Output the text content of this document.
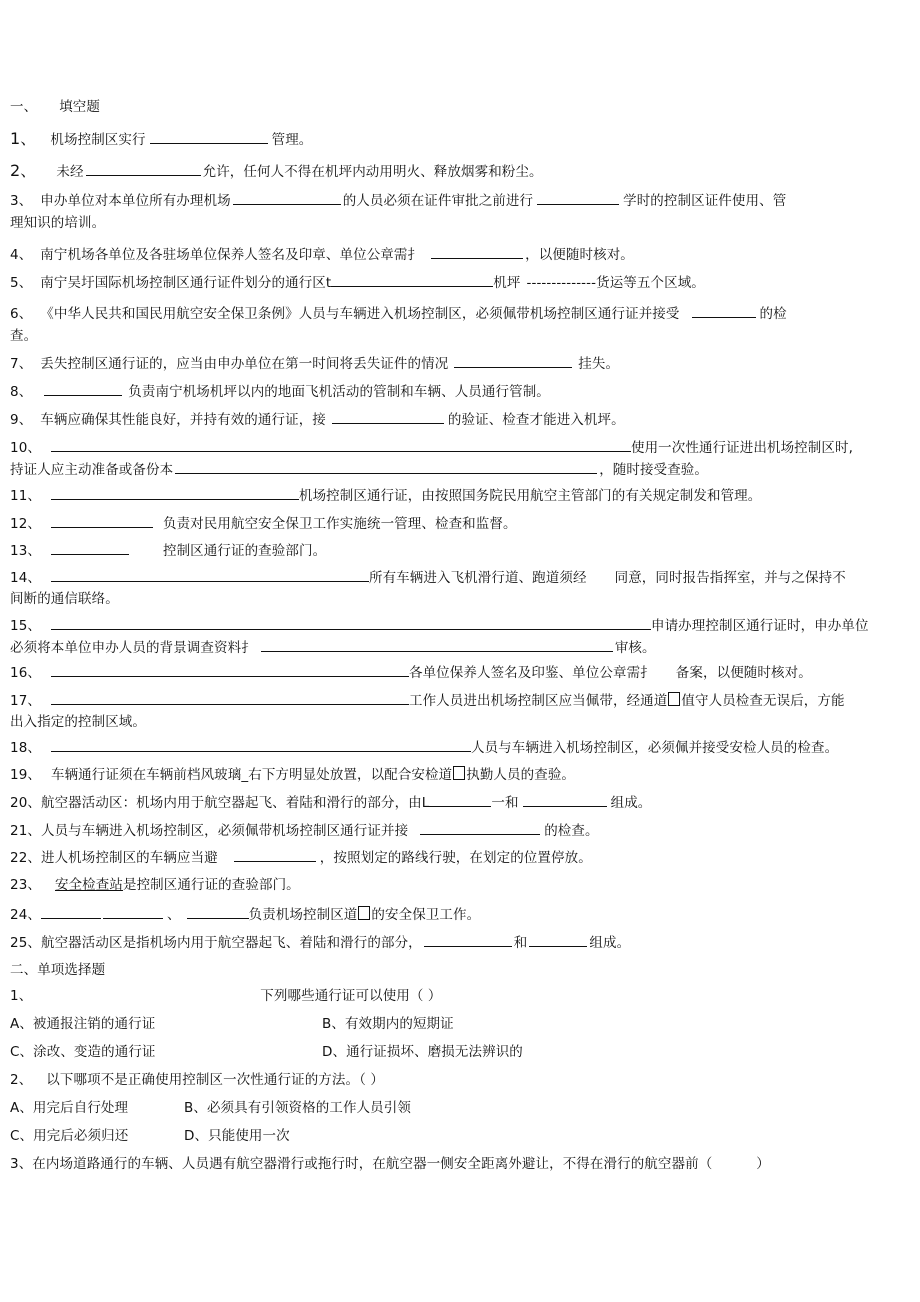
一、 填空题
1、 机场控制区实行	管理。
2、 未经	允许，任何人不得在机坪内动用明火、释放烟雾和粉尘。
3、 申办单位对本单位所有办理机场	的人员必须在证件审批之前进行	学时的控制区证件使用、管
理知识的培训。
4、 南宁机场各单位及各驻场单位保养人签名及印章、单位公章需扌	，以便随时核对。
5、 南宁吴圩国际机场控制区通行证件划分的通行区t	机坪 --------------货运等五个区域。
6、 《中华人民共和国民用航空安全保卫条例》人员与车辆进入机场控制区，必须佩带机场控制区通行证并接受	的检
查。
7、 丢失控制区通行证的，应当由申办单位在第一时间将丢失证件的情况	挂失。
8、	负责南宁机场机坪以内的地面飞机活动的管制和车辆、人员通行管制。
9、 车辆应确保其性能良好，并持有效的通行证，接	的验证、检查才能进入机坪。
10、	使用一次性通行证进出机场控制区时,
持证人应主动准备或备份本	，随时接受查验。
11、	机场控制区通行证，由按照国务院民用航空主管部门的有关规定制发和管理。
12、	负责对民用航空安全保卫工作实施统一管理、检查和监督。
13、	控制区通行证的查验部门。
14、	所有车辆进入飞机滑行道、跑道须经 同意，同时报告指挥室，并与之保持不
间断的通信联络。
15、	申请办理控制区通行证时，申办单位
必须将本单位申办人员的背景调查资料扌	审核。
16、	各单位保养人签名及印鉴、单位公章需扌 备案，以便随时核对。
17、	工作人员进出机场控制区应当佩带，经通道 值守人员检查无误后，方能
出入指定的控制区域。
18、	人员与车辆进入机场控制区，必须佩并接受安检人员的检查。
19、 车辆通行证须在车辆前档风玻璃_右下方明显处放置，以配合安检道 执勤人员的查验。
20、航空器活动区：机场内用于航空器起飞、着陆和滑行的部分，由L	一和	组成。
21、人员与车辆进入机场控制区，必须佩带机场控制区通行证并接	的检查。
22、进人机场控制区的车辆应当避	，按照划定的路线行驶，在划定的位置停放。
23、 安全检查站是控制区通行证的查验部门。
24、	、	负责机场控制区道 的安全保卫工作。
25、航空器活动区是指机场内用于航空器起飞、着陆和滑行的部分，	和	组成。
二、单项选择题
1、	下列哪些通行证可以使用（ ）
A、被通报注销的通行证	B、有效期内的短期证
C、涂改、变造的通行证	D、通行证损坏、磨损无法辨识的
2、 以下哪项不是正确使用控制区一次性通行证的方法。（ ）
A、用完后自行处理	B、必须具有引领资格的工作人员引领
C、用完后必须归还	D、只能使用一次
3、在内场道路通行的车辆、人员遇有航空器滑行或拖行时，在航空器一侧安全距离外避让，不得在滑行的航空器前（	）
